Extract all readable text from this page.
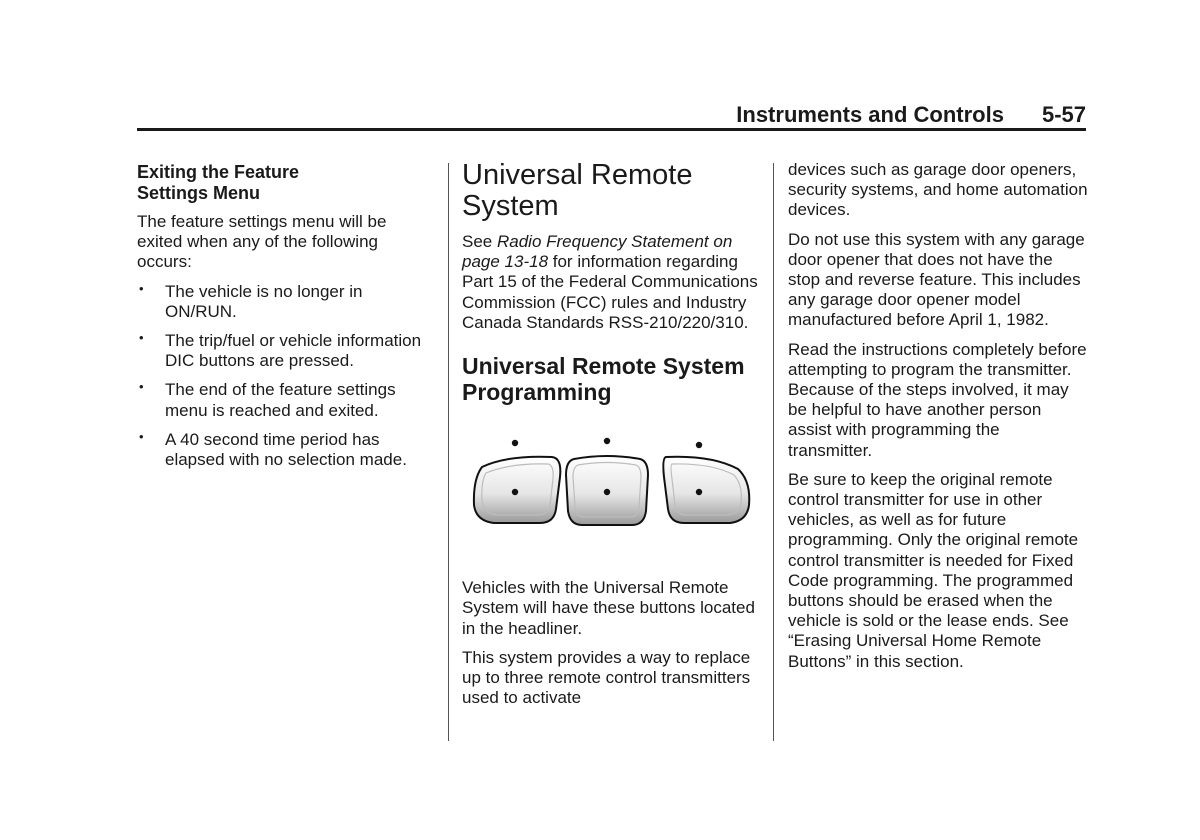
Instruments and Controls 5-57
Exiting the Feature
Settings Menu

The feature settings menu will be exited when any of the following occurs:

• The vehicle is no longer in ON/RUN.
• The trip/fuel or vehicle information DIC buttons are pressed.
• The end of the feature settings menu is reached and exited.
• A 40 second time period has elapsed with no selection made.
Universal Remote
System

See Radio Frequency Statement on page 13-18 for information regarding Part 15 of the Federal Communications Commission (FCC) rules and Industry Canada Standards RSS-210/220/310.

Universal Remote System
Programming

Vehicles with the Universal Remote System will have these buttons located in the headliner.

This system provides a way to replace up to three remote control transmitters used to activate

devices such as garage door openers, security systems, and home automation devices.

Do not use this system with any garage door opener that does not have the stop and reverse feature. This includes any garage door opener model manufactured before April 1, 1982.

Read the instructions completely before attempting to program the transmitter. Because of the steps involved, it may be helpful to have another person assist with programming the transmitter.

Be sure to keep the original remote control transmitter for use in other vehicles, as well as for future programming. Only the original remote control transmitter is needed for Fixed Code programming. The programmed buttons should be erased when the vehicle is sold or the lease ends. See “Erasing Universal Home Remote Buttons” in this section.
